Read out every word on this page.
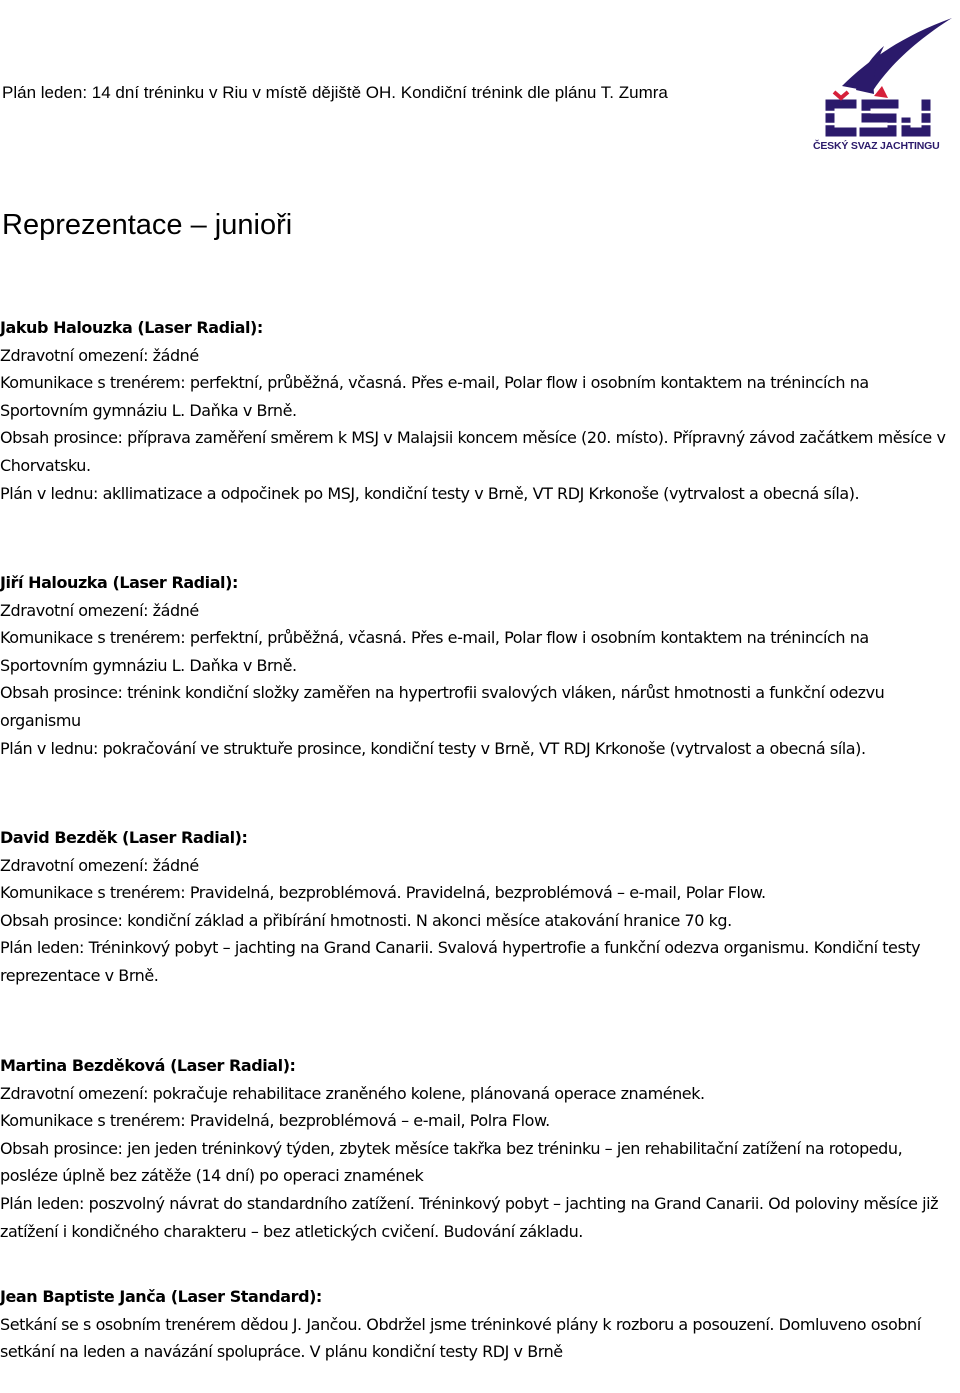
ČESKÝ SVAZ JACHTINGU
Plán leden: 14 dní tréninku v Riu v místě dějiště OH. Kondiční trénink dle plánu T. Zumra
Reprezentace – junioři

Jakub Halouzka (Laser Radial):

Zdravotní omezení: žádné

Komunikace s trenérem: perfektní, průběžná, včasná. Přes e-mail, Polar flow i osobním kontaktem na trénincích na Sportovním gymnáziu L. Daňka v Brně.

Obsah prosince: příprava zaměření směrem k MSJ v Malajsii koncem měsíce (20. místo). Přípravný závod začátkem měsíce v Chorvatsku.

Plán v lednu: akllimatizace a odpočinek po MSJ, kondiční testy v Brně, VT RDJ Krkonoše (vytrvalost a obecná síla).

Jiří Halouzka (Laser Radial):

Zdravotní omezení: žádné

Komunikace s trenérem: perfektní, průběžná, včasná. Přes e-mail, Polar flow i osobním kontaktem na trénincích na Sportovním gymnáziu L. Daňka v Brně.

Obsah prosince: trénink kondiční složky zaměřen na hypertrofii svalových vláken, nárůst hmotnosti a funkční odezvu organismu

Plán v lednu: pokračování ve struktuře prosince, kondiční testy v Brně, VT RDJ Krkonoše (vytrvalost a obecná síla).

David Bezděk (Laser Radial):

Zdravotní omezení: žádné

Komunikace s trenérem: Pravidelná, bezproblémová. Pravidelná, bezproblémová – e-mail, Polar Flow.

Obsah prosince: kondiční základ a přibírání hmotnosti. N akonci měsíce atakování hranice 70 kg.

Plán leden: Tréninkový pobyt – jachting na Grand Canarii. Svalová hypertrofie a funkční odezva organismu. Kondiční testy reprezentace v Brně.

Martina Bezděková (Laser Radial):

Zdravotní omezení: pokračuje rehabilitace zraněného kolene, plánovaná operace znamének.

Komunikace s trenérem: Pravidelná, bezproblémová – e-mail, Polra Flow.

Obsah prosince: jen jeden tréninkový týden, zbytek měsíce takřka bez tréninku – jen rehabilitační zatížení na rotopedu, posléze úplně bez zátěže (14 dní) po operaci znamének

Plán leden: poszvolný návrat do standardního zatížení. Tréninkový pobyt – jachting na Grand Canarii. Od poloviny měsíce již zatížení i kondičného charakteru – bez atletických cvičení. Budování základu.

Jean Baptiste Janča (Laser Standard):

Setkání se s osobním trenérem dědou J. Jančou. Obdržel jsme tréninkové plány k rozboru a posouzení. Domluveno osobní setkání na leden a navázání spolupráce. V plánu kondiční testy RDJ v Brně
